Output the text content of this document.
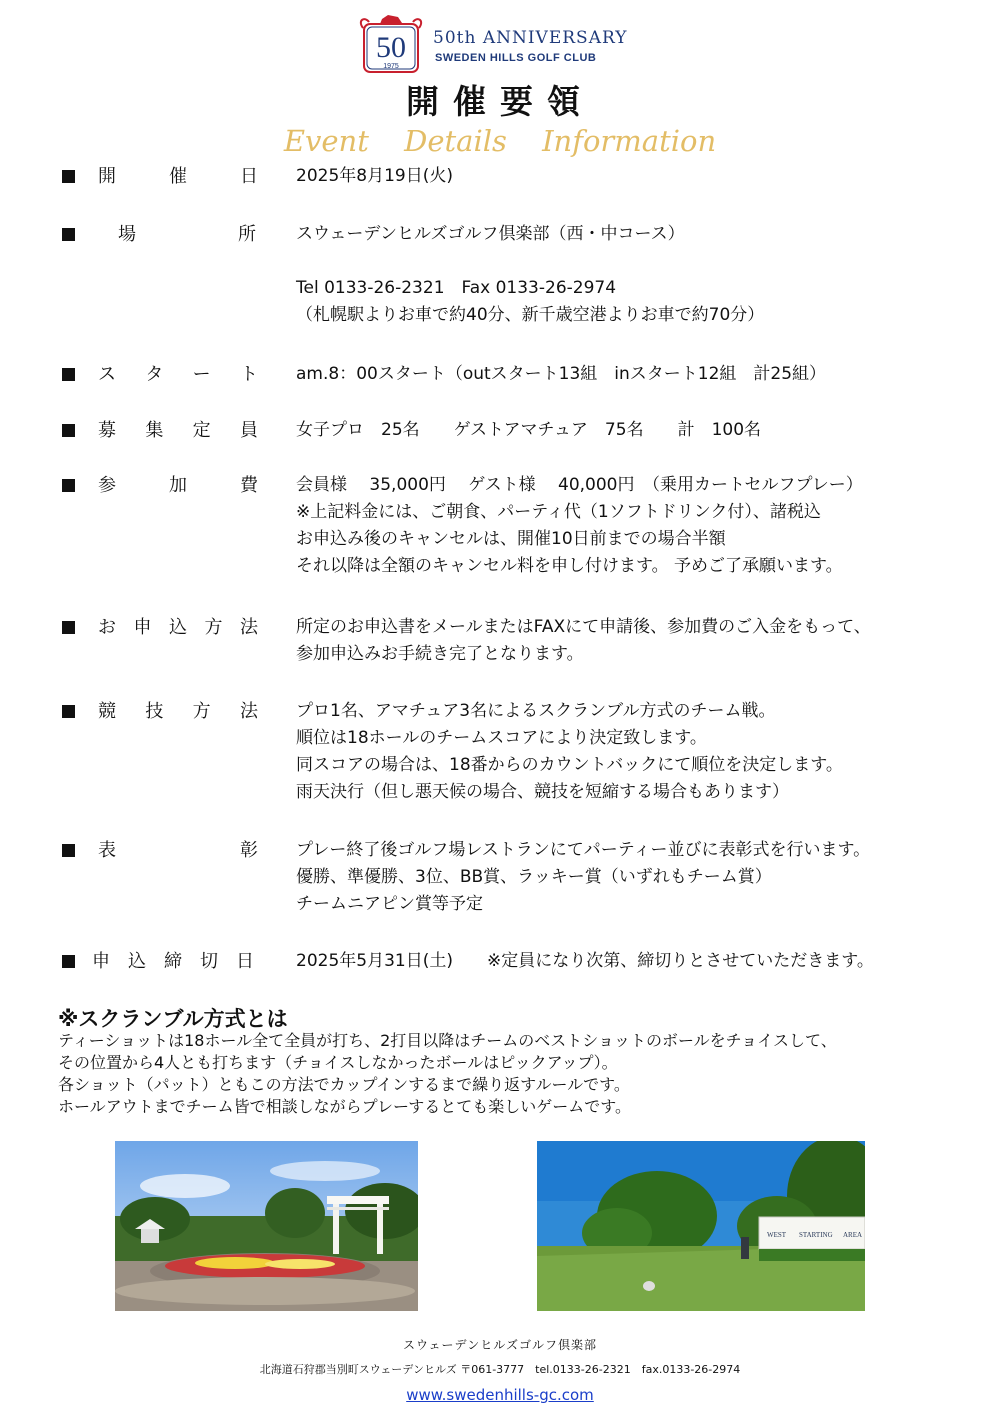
50
1975
50th ANNIVERSARY
SWEDEN HILLS GOLF CLUB
開催要領
Event Details Information
開	催	日 2025年8月19日(火)
場	所 スウェーデンヒルズゴルフ倶楽部（西・中コース）
Tel 0133-26-2321　Fax 0133-26-2974
（札幌駅よりお車で約40分、新千歳空港よりお車で約70分）
ス タ ー ト am.8：00スタート（outスタート13組　inスタート12組　計25組）
募 集 定 員 女子プロ　25名　　ゲストアマチュア　75名　　計　100名
参	加	費 会員様　 35,000円　 ゲスト様　 40,000円　（乗用カートセルフプレー）
※上記料金には、ご朝食、パーティ代（1ソフトドリンク付）、諸税込
お申込み後のキャンセルは、開催10日前までの場合半額
それ以降は全額のキャンセル料を申し付けます。 予めご了承願います。
お 申 込 方 法 所定のお申込書をメールまたはFAXにて申請後、参加費のご入金をもって、
参加申込みお手続き完了となります。
競 技 方 法 プロ1名、アマチュア3名によるスクランブル方式のチーム戦。
順位は18ホールのチームスコアにより決定致します。
同スコアの場合は、18番からのカウントバックにて順位を決定します。
雨天決行（但し悪天候の場合、競技を短縮する場合もあります）
表	彰 プレー終了後ゴルフ場レストランにてパーティー並びに表彰式を行います。
優勝、準優勝、3位、BB賞、ラッキー賞（いずれもチーム賞）
チームニアピン賞等予定
申 込 締 切 日 2025年5月31日(土)　　※定員になり次第、締切りとさせていただきます。
※スクランブル方式とは
ティーショットは18ホール全て全員が打ち、2打目以降はチームのベストショットのボールをチョイスして、
その位置から4人とも打ちます（チョイスしなかったボールはピックアップ）。
各ショット（パット）ともこの方法でカップインするまで繰り返すルールです。
ホールアウトまでチーム皆で相談しながらプレーするとても楽しいゲームです。
WEST STARTING AREA
スウェーデンヒルズゴルフ倶楽部
北海道石狩郡当別町スウェーデンヒルズ 〒061-3777　tel.0133-26-2321　fax.0133-26-2974
www.swedenhills-gc.com
